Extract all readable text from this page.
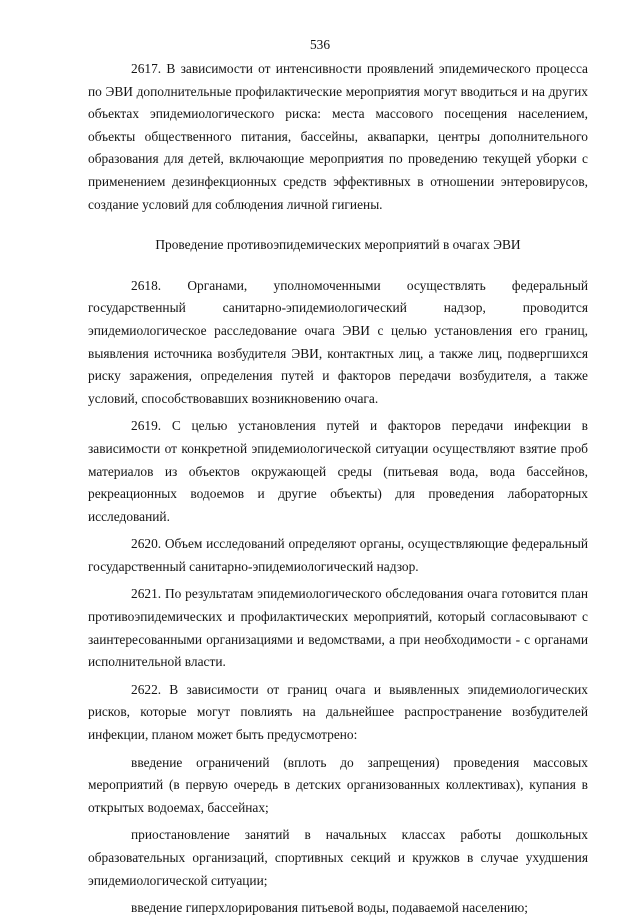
536

2617. В зависимости от интенсивности проявлений эпидемического процесса по ЭВИ дополнительные профилактические мероприятия могут вводиться и на других объектах эпидемиологического риска: места массового посещения населением, объекты общественного питания, бассейны, аквапарки, центры дополнительного образования для детей, включающие мероприятия по проведению текущей уборки с применением дезинфекционных средств эффективных в отношении энтеровирусов, создание условий для соблюдения личной гигиены.

Проведение противоэпидемических мероприятий в очагах ЭВИ

2618. Органами, уполномоченными осуществлять федеральный государственный санитарно-эпидемиологический надзор, проводится эпидемиологическое расследование очага ЭВИ с целью установления его границ, выявления источника возбудителя ЭВИ, контактных лиц, а также лиц, подвергшихся риску заражения, определения путей и факторов передачи возбудителя, а также условий, способствовавших возникновению очага.

2619. С целью установления путей и факторов передачи инфекции в зависимости от конкретной эпидемиологической ситуации осуществляют взятие проб материалов из объектов окружающей среды (питьевая вода, вода бассейнов, рекреационных водоемов и другие объекты) для проведения лабораторных исследований.

2620. Объем исследований определяют органы, осуществляющие федеральный государственный санитарно-эпидемиологический надзор.

2621. По результатам эпидемиологического обследования очага готовится план противоэпидемических и профилактических мероприятий, который согласовывают с заинтересованными организациями и ведомствами, а при необходимости - с органами исполнительной власти.

2622. В зависимости от границ очага и выявленных эпидемиологических рисков, которые могут повлиять на дальнейшее распространение возбудителей инфекции, планом может быть предусмотрено:

введение ограничений (вплоть до запрещения) проведения массовых мероприятий (в первую очередь в детских организованных коллективах), купания в открытых водоемах, бассейнах;

приостановление занятий в начальных классах работы дошкольных образовательных организаций, спортивных секций и кружков в случае ухудшения эпидемиологической ситуации;

введение гиперхлорирования питьевой воды, подаваемой населению;
